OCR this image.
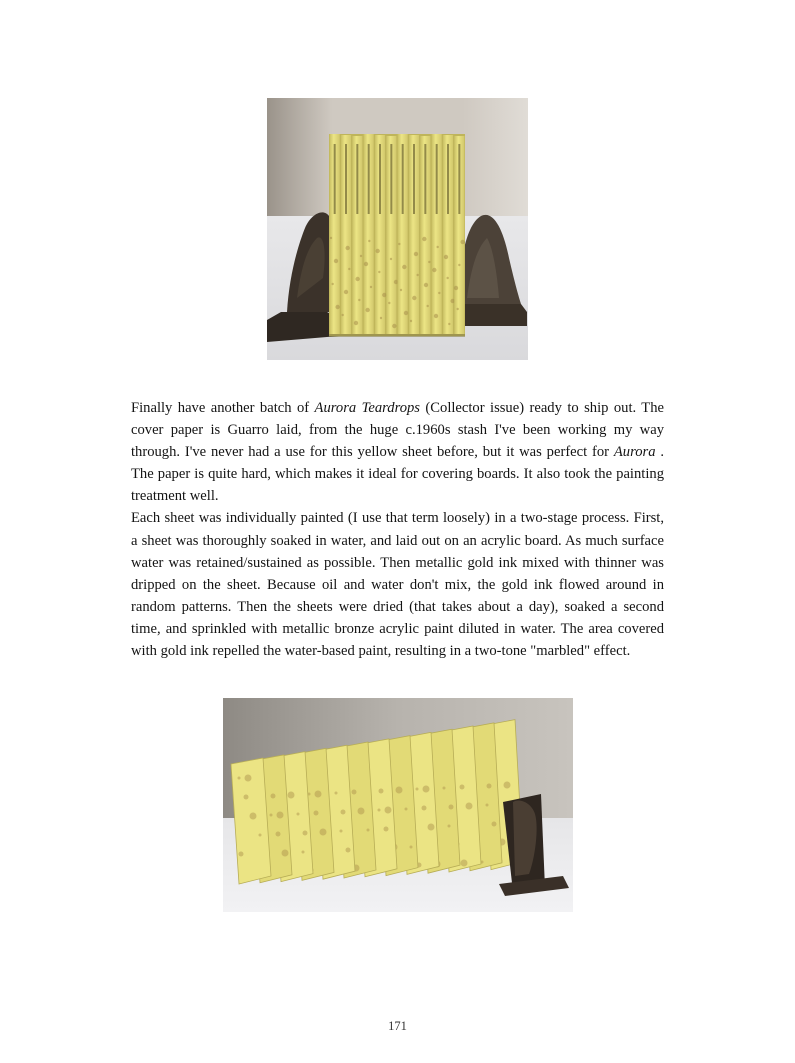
Finally have another batch of Aurora Teardrops (Collector issue) ready to ship out. The cover paper is Guarro laid, from the huge c.1960s stash I've been working my way through. I've never had a use for this yellow sheet before, but it was perfect for Aurora . The paper is quite hard, which makes it ideal for covering boards. It also took the painting treatment well.

Each sheet was individually painted (I use that term loosely) in a two-stage process. First, a sheet was thoroughly soaked in water, and laid out on an acrylic board. As much surface water was retained/sustained as possible. Then metallic gold ink mixed with thinner was dripped on the sheet. Because oil and water don't mix, the gold ink flowed around in random patterns. Then the sheets were dried (that takes about a day), soaked a second time, and sprinkled with metallic bronze acrylic paint diluted in water. The area covered with gold ink repelled the water-based paint, resulting in a two-tone "marbled" effect.

171
